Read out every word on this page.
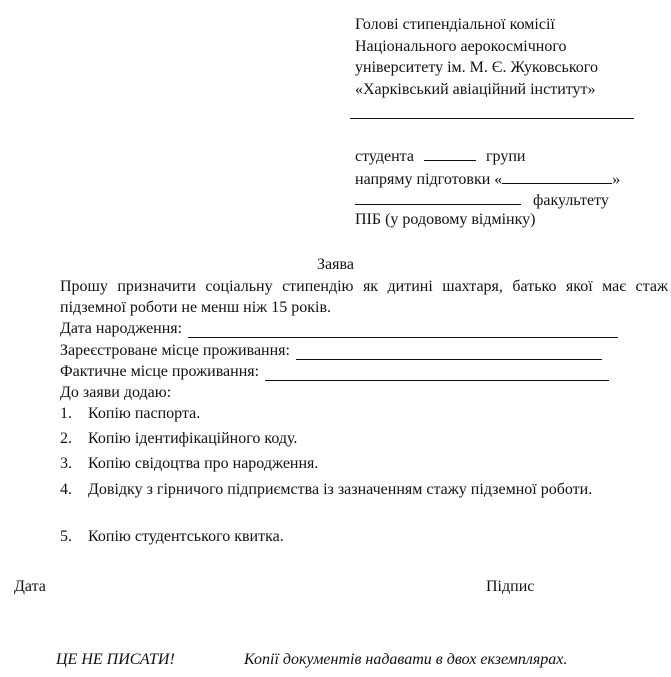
Голові стипендіальної комісії
Національного аерокосмічного
університету ім. М. Є. Жуковського
«Харківський авіаційний інститут»
студента	групи
напряму підготовки «	»
факультету
ПІБ (у родовому відмінку)
Заява
Прошу призначити соціальну стипендію як дитині шахтаря, батько якої має стаж підземної роботи не менш ніж 15 років.
Дата народження:
Зареєстроване місце проживання:
Фактичне місце проживання:
До заяви додаю:
1. Копію паспорта.
2. Копію ідентифікаційного коду.
3. Копію свідоцтва про народження.
4. Довідку з гірничого підприємства із зазначенням стажу підземної роботи.
5. Копію студентського квитка.
Дата	Підпис
ЦЕ НЕ ПИСАТИ!	Копії документів надавати в двох екземплярах.
